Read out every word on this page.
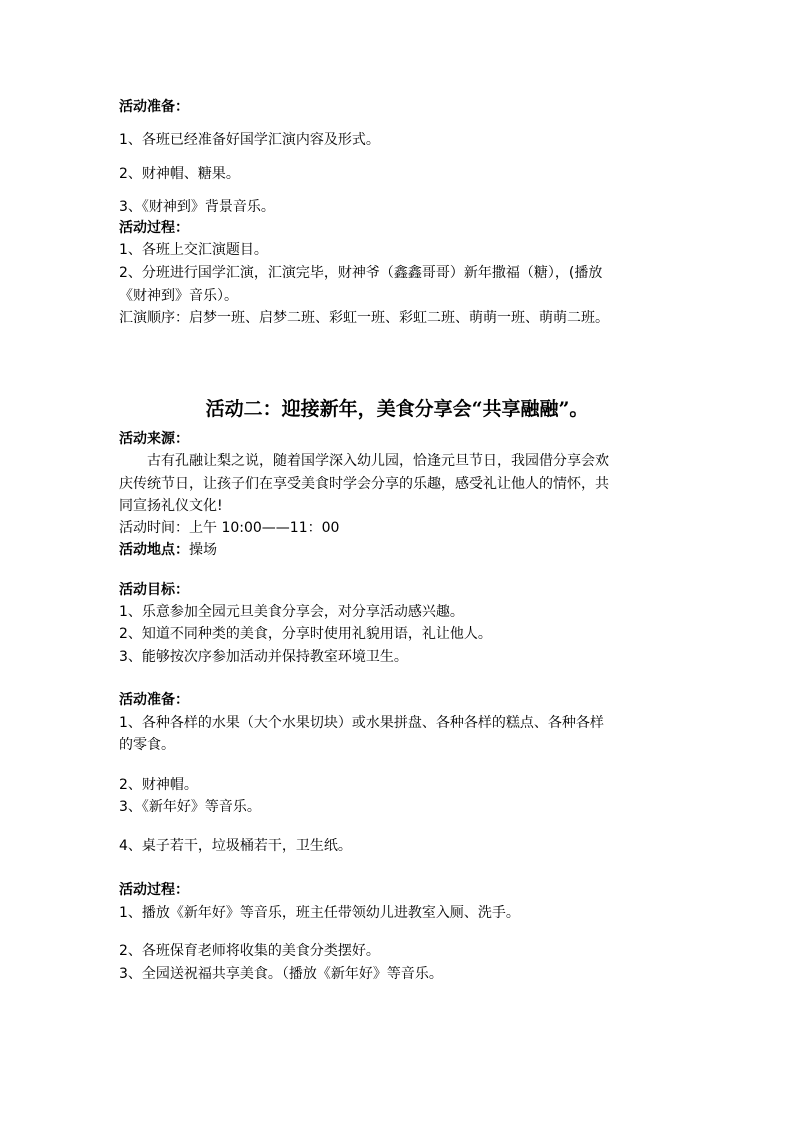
活动准备：

1、各班已经准备好国学汇演内容及形式。

2、财神帽、糖果。

3、《财神到》背景音乐。

活动过程：

1、各班上交汇演题目。

2、分班进行国学汇演，汇演完毕，财神爷（鑫鑫哥哥）新年撒福（糖），(播放

《财神到》音乐）。

汇演顺序：启梦一班、启梦二班、彩虹一班、彩虹二班、萌萌一班、萌萌二班。

活动二：迎接新年，美食分享会“共享融融”。

活动来源：

古有孔融让梨之说，随着国学深入幼儿园，恰逢元旦节日，我园借分享会欢

庆传统节日，让孩子们在享受美食时学会分享的乐趣，感受礼让他人的情怀，共

同宣扬礼仪文化!

活动时间：上午 10:00——11：00

活动地点：操场

活动目标：

1、乐意参加全园元旦美食分享会，对分享活动感兴趣。

2、知道不同种类的美食，分享时使用礼貌用语，礼让他人。

3、能够按次序参加活动并保持教室环境卫生。

活动准备：

1、各种各样的水果（大个水果切块）或水果拼盘、各种各样的糕点、各种各样

的零食。

2、财神帽。

3、《新年好》等音乐。

4、桌子若干，垃圾桶若干，卫生纸。

活动过程：

1、播放《新年好》等音乐，班主任带领幼儿进教室入厕、洗手。

2、各班保育老师将收集的美食分类摆好。

3、全园送祝福共享美食。（播放《新年好》等音乐。
